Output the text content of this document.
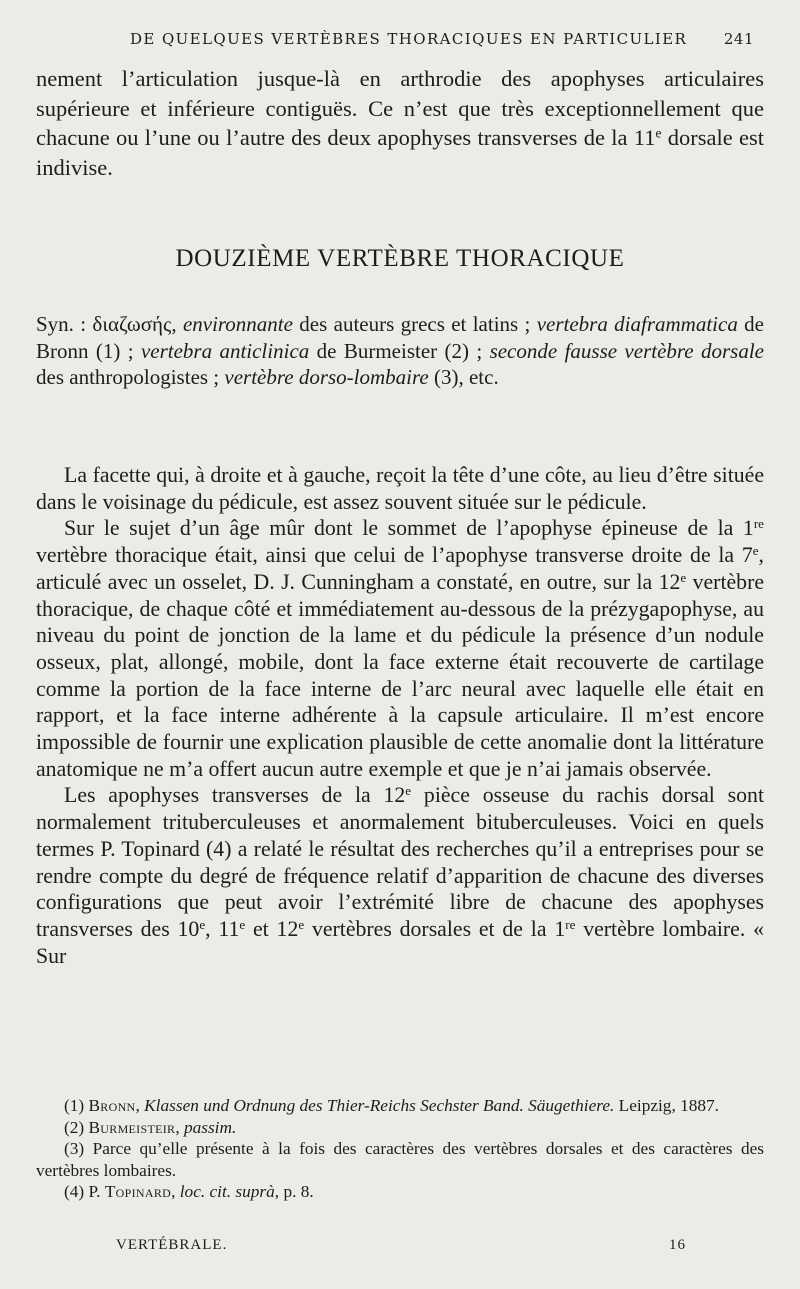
DE QUELQUES VERTÈBRES THORACIQUES EN PARTICULIER 241
nement l’articulation jusque-là en arthrodie des apophyses articulaires supérieure et inférieure contiguës. Ce n’est que très exceptionnellement que chacune ou l’une ou l’autre des deux apophyses transverses de la 11e dorsale est indivise.
DOUZIÈME VERTÈBRE THORACIQUE
Syn. : διαζωσής, environnante des auteurs grecs et latins ; vertebra diaframmatica de Bronn (1) ; vertebra anticlinica de Burmeister (2) ; seconde fausse vertèbre dorsale des anthropologistes ; vertèbre dorso-lombaire (3), etc.

La facette qui, à droite et à gauche, reçoit la tête d’une côte, au lieu d’être située dans le voisinage du pédicule, est assez souvent située sur le pédicule.

Sur le sujet d’un âge mûr dont le sommet de l’apophyse épineuse de la 1re vertèbre thoracique était, ainsi que celui de l’apophyse transverse droite de la 7e, articulé avec un osselet, D. J. Cunningham a constaté, en outre, sur la 12e vertèbre thoracique, de chaque côté et immédiatement au-dessous de la prézygapophyse, au niveau du point de jonction de la lame et du pédicule la présence d’un nodule osseux, plat, allongé, mobile, dont la face externe était recouverte de cartilage comme la portion de la face interne de l’arc neural avec laquelle elle était en rapport, et la face interne adhérente à la capsule articulaire. Il m’est encore impossible de fournir une explication plausible de cette anomalie dont la littérature anatomique ne m’a offert aucun autre exemple et que je n’ai jamais observée.

Les apophyses transverses de la 12e pièce osseuse du rachis dorsal sont normalement trituberculeuses et anormalement bituberculeuses. Voici en quels termes P. Topinard (4) a relaté le résultat des recherches qu’il a entreprises pour se rendre compte du degré de fréquence relatif d’apparition de chacune des diverses configurations que peut avoir l’extrémité libre de chacune des apophyses transverses des 10e, 11e et 12e vertèbres dorsales et de la 1re vertèbre lombaire. « Sur

(1) Bronn, Klassen und Ordnung des Thier-Reichs Sechster Band. Säugethiere. Leipzig, 1887.
(2) Burmeisteir, passim.
(3) Parce qu’elle présente à la fois des caractères des vertèbres dorsales et des caractères des vertèbres lombaires.
(4) P. Topinard, loc. cit. suprà, p. 8.
VERTÉBRALE.	16
